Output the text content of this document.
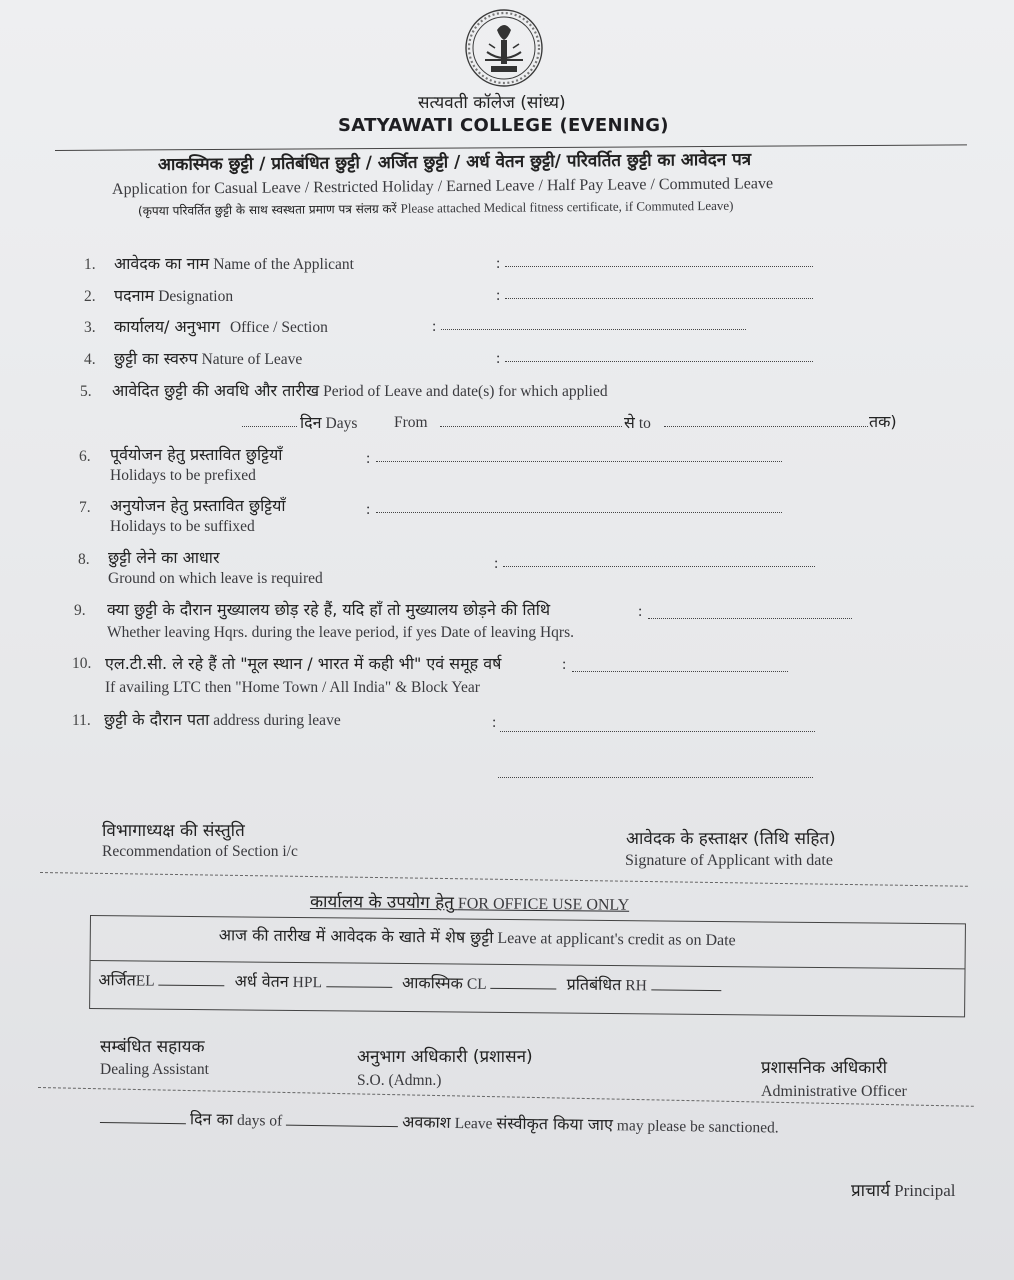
सत्यवती कॉलेज (सांध्य)
SATYAWATI COLLEGE (EVENING)
आकस्मिक छुट्टी / प्रतिबंधित छुट्टी / अर्जित छुट्टी / अर्ध वेतन छुट्टी/ परिवर्तित छुट्टी का आवेदन पत्र
Application for Casual Leave / Restricted Holiday / Earned Leave / Half Pay Leave / Commuted Leave
(कृपया परिवर्तित छुट्टी के साथ स्वस्थता प्रमाण पत्र संलग्र करें Please attached Medical fitness certificate, if Commuted Leave)
1. आवेदक का नाम Name of the Applicant	:
2. पदनाम Designation	:
3. कार्यालय/ अनुभाग Office / Section	:
4. छुट्टी का स्वरुप Nature of Leave	:
5. आवेदित छुट्टी की अवधि और तारीख Period of Leave and date(s) for which applied
दिन Days From	से to	तक)
6. पूर्वयोजन हेतु प्रस्तावित छुट्टियाँ
Holidays to be prefixed
:
7. अनुयोजन हेतु प्रस्तावित छुट्टियाँ
Holidays to be suffixed
:
8. छुट्टी लेने का आधार
Ground on which leave is required
:
9. क्या छुट्टी के दौरान मुख्यालय छोड़ रहे हैं, यदि हाँ तो मुख्यालय छोड़ने की तिथि	:
Whether leaving Hqrs. during the leave period, if yes Date of leaving Hqrs.
10. एल.टी.सी. ले रहे हैं तो "मूल स्थान / भारत में कही भी" एवं समूह वर्ष	:
If availing LTC then "Home Town / All India" & Block Year
11. छुट्टी के दौरान पता address during leave	:
विभागाध्यक्ष की संस्तुति
Recommendation of Section i/c
आवेदक के हस्ताक्षर (तिथि सहित)
Signature of Applicant with date
कार्यालय के उपयोग हेतु FOR OFFICE USE ONLY
आज की तारीख में आवेदक के खाते में शेष छुट्टी Leave at applicant's credit as on Date
अर्जितEL	अर्ध वेतन HPL	आकस्मिक CL	प्रतिबंधित RH
सम्बंधित सहायक
Dealing Assistant
अनुभाग अधिकारी (प्रशासन)
S.O. (Admn.)
प्रशासनिक अधिकारी
Administrative Officer
दिन का days of	अवकाश Leave संस्वीकृत किया जाए may please be sanctioned.
प्राचार्य Principal
